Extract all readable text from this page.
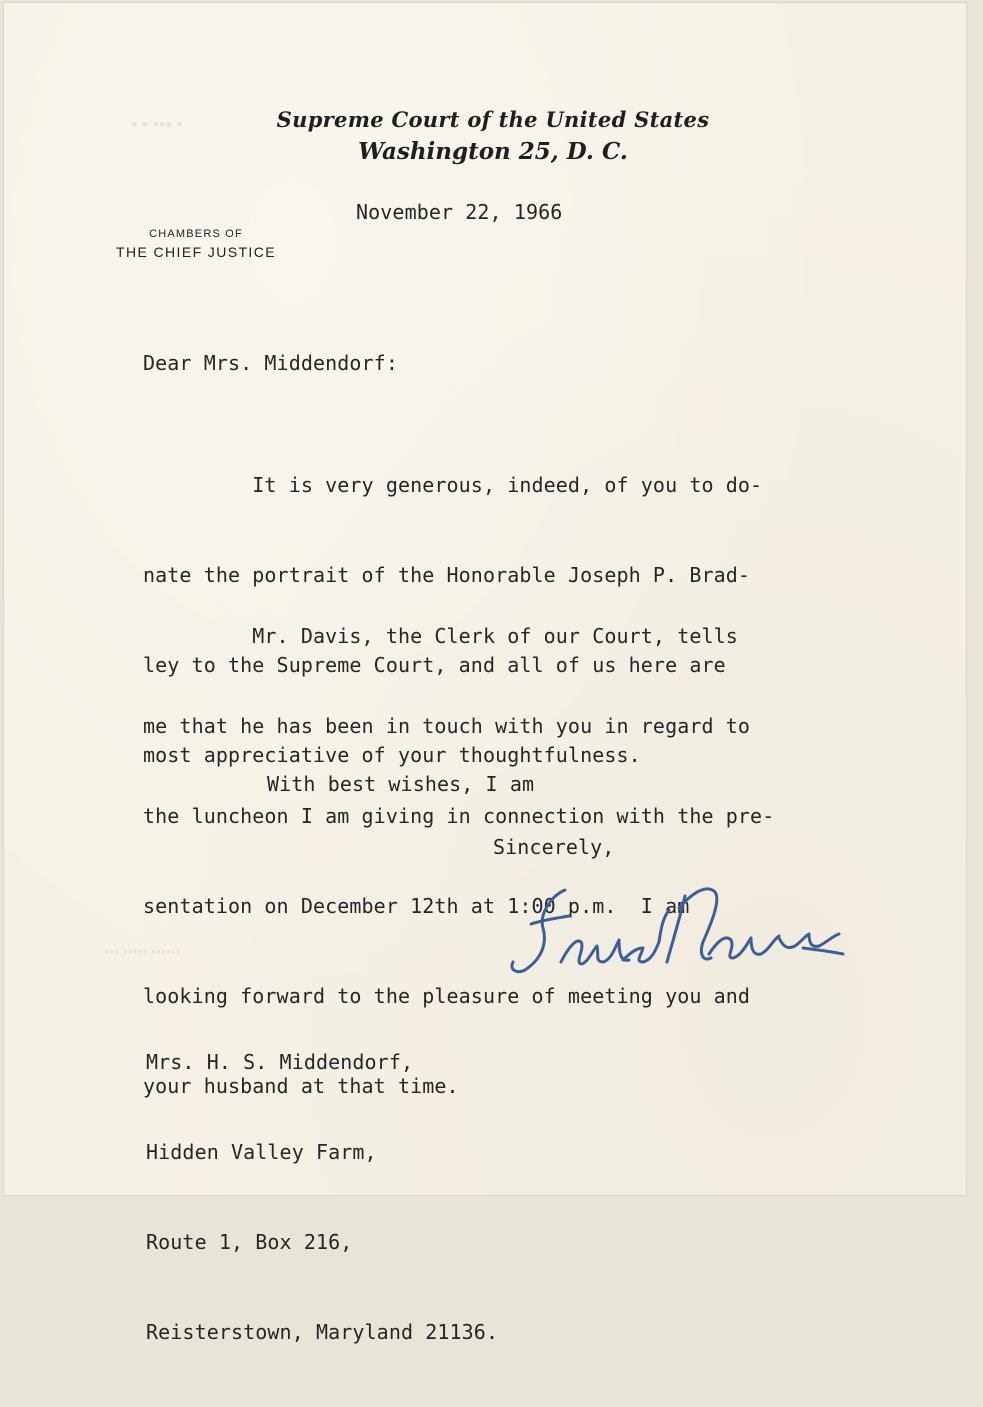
▪ ▪ ▪▪▪ ▪
▪▪▪ ▪▪▪▪▪ ▪▪▪▪▪▪
Supreme Court of the United States
Washington 25, D. C.
CHAMBERS OF
THE CHIEF JUSTICE
November 22, 1966
Dear Mrs. Middendorf:

It is very generous, indeed, of you to do-

nate the portrait of the Honorable Joseph P. Brad-

ley to the Supreme Court, and all of us here are

most appreciative of your thoughtfulness.

Mr. Davis, the Clerk of our Court, tells

me that he has been in touch with you in regard to

the luncheon I am giving in connection with the pre-

sentation on December 12th at 1:00 p.m.  I am

looking forward to the pleasure of meeting you and

your husband at that time.

With best wishes, I am
Sincerely,

Mrs. H. S. Middendorf,

Hidden Valley Farm,

Route 1, Box 216,

Reisterstown, Maryland 21136.
